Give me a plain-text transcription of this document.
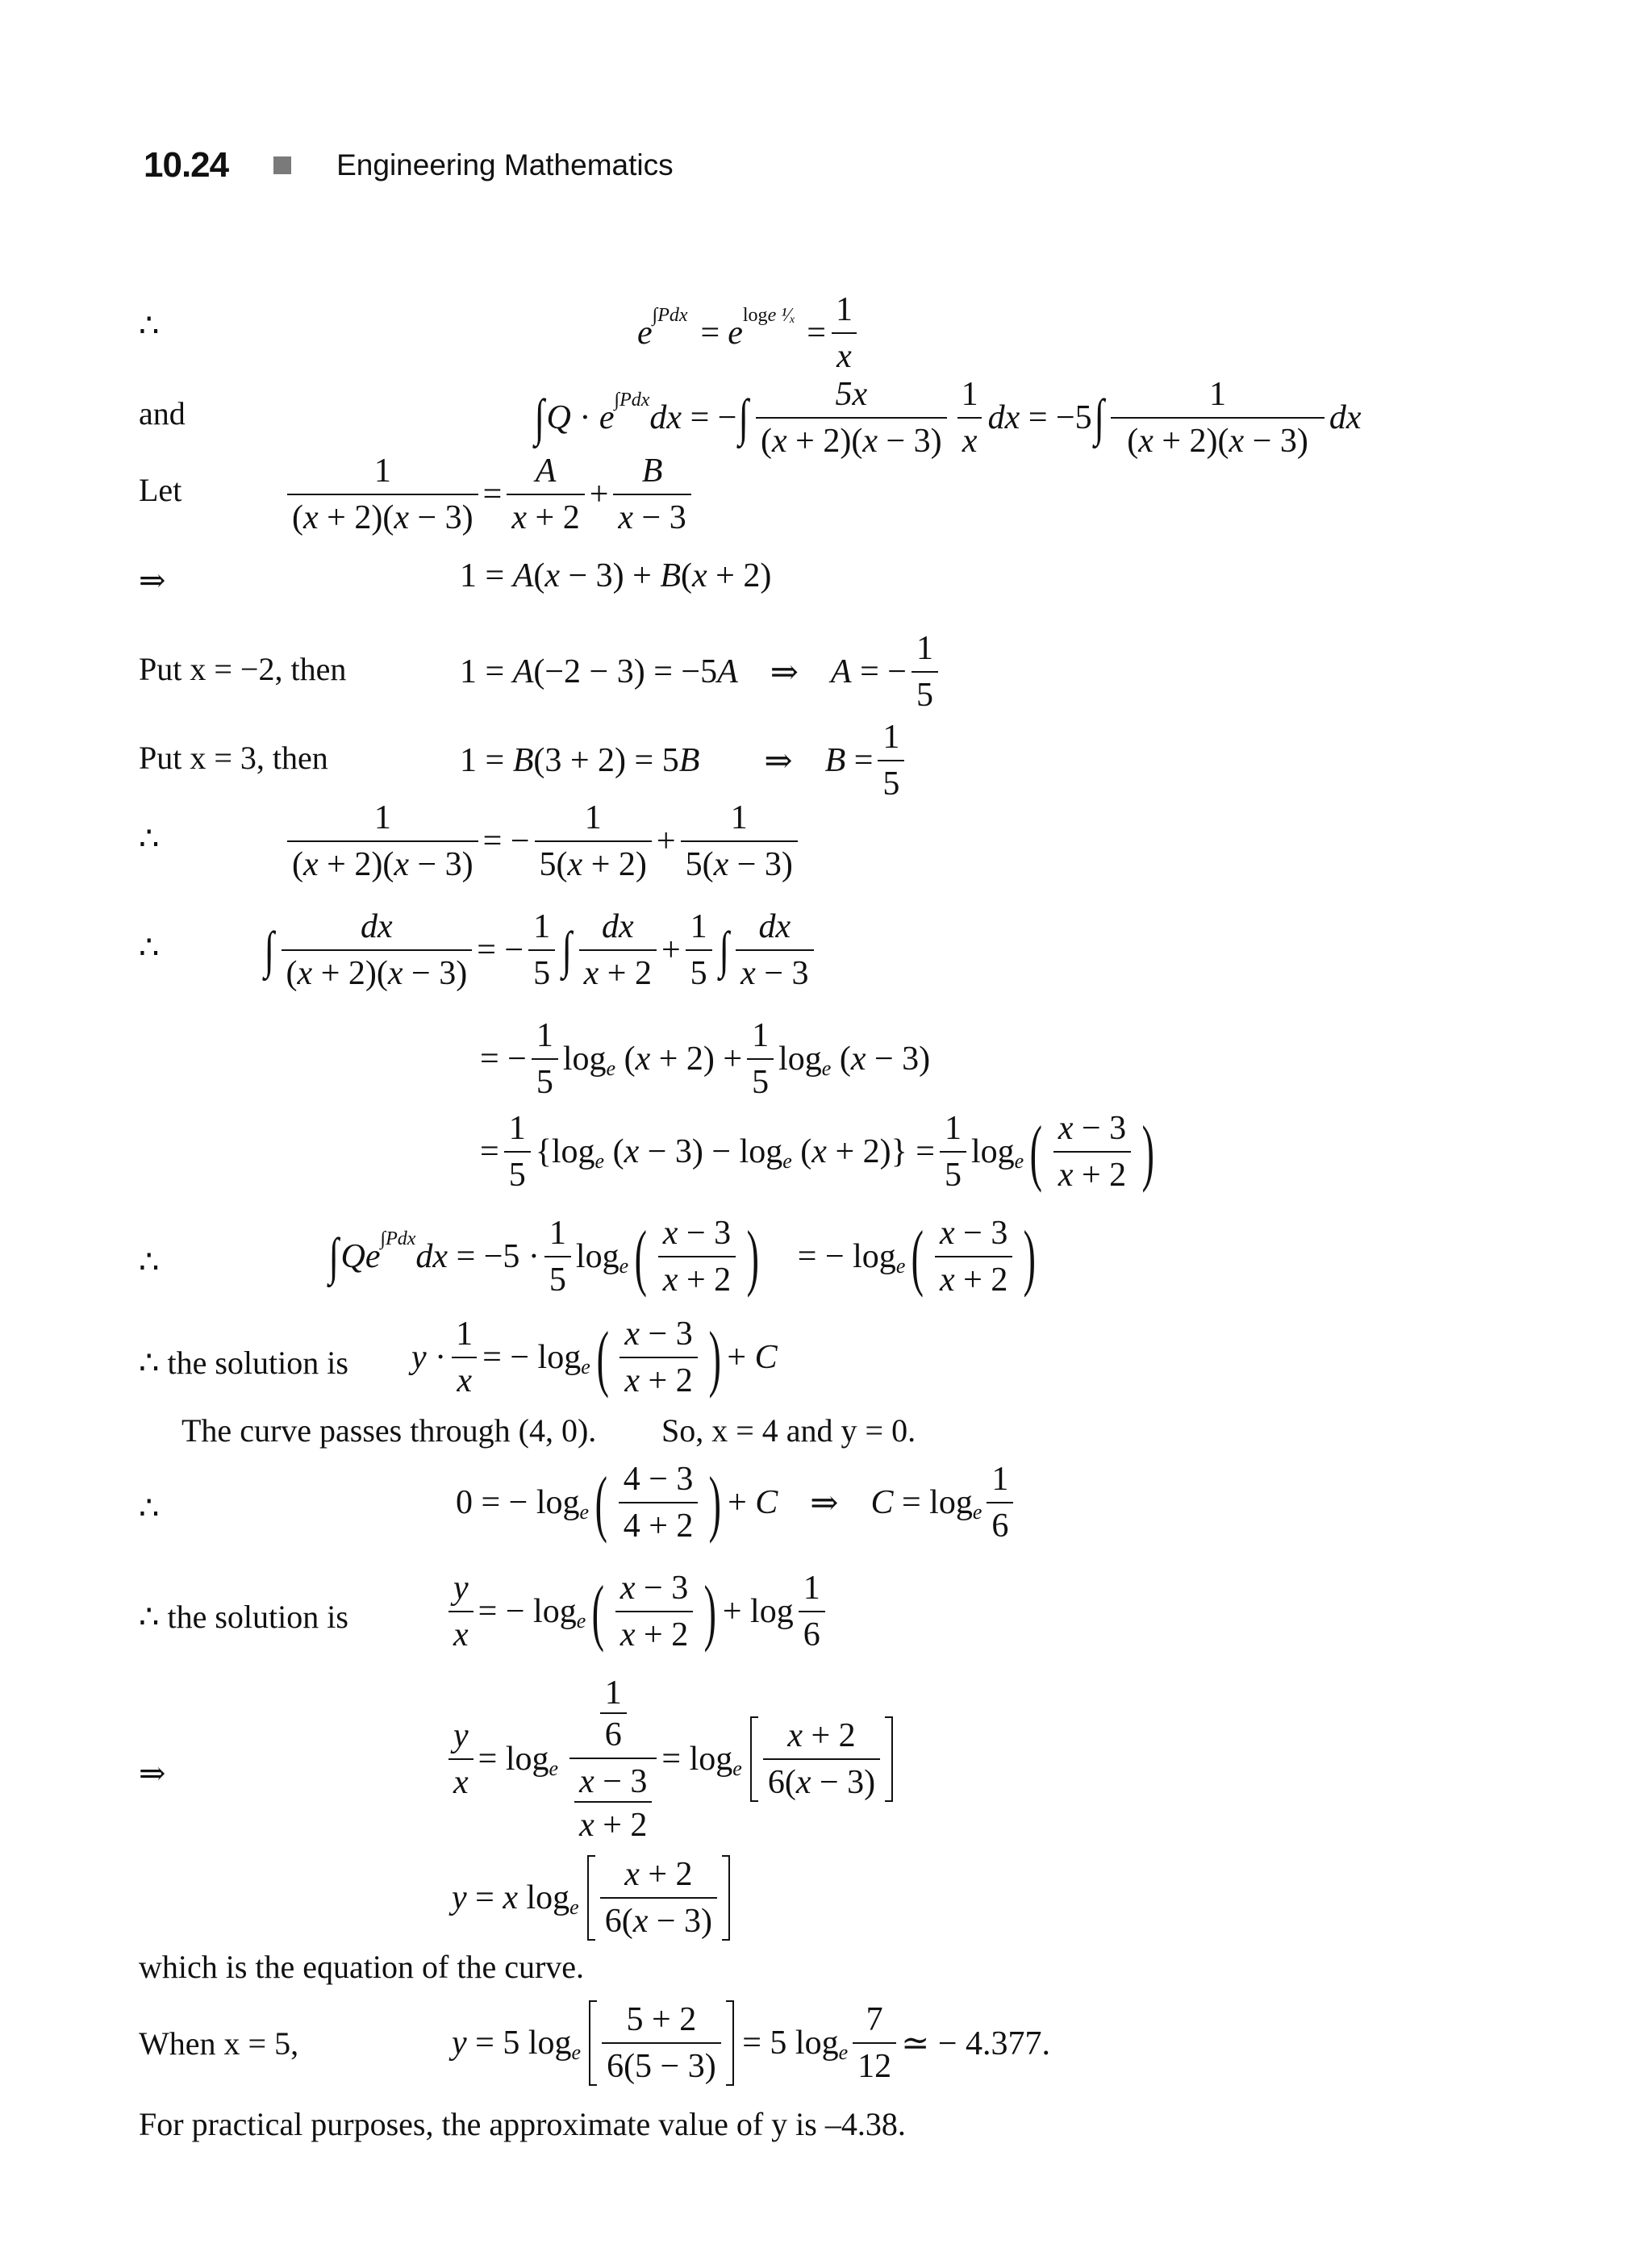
10.24	Engineering Mathematics
∴	e ∫Pdx = e loge ¹⁄ₓ = $\frac{1}{x}$
and	∫ Q · e ∫Pdx dx = − ∫ $\frac{5x}{(x + 2)(x - 3)} \frac{1}{x}$ dx = −5 ∫ $\frac{1}{(x + 2)(x - 3)}$ dx
Let	$\frac{1}{(x + 2)(x - 3)} = \frac{A}{x + 2} + \frac{B}{x - 3}$
⇒	1 = A(x − 3) + B(x + 2)
Put x = −2, then	1 = A(−2 − 3) = −5A ⇒ A = − $\frac{1}{5}$
Put x = 3, then	1 = B(3 + 2) = 5B ⇒ $B = \frac{1}{5}$
∴	$\frac{1}{(x + 2)(x - 3)}$ = − $\frac{1}{5(x + 2)} + \frac{1}{5(x - 3)}$
∴ ∫ $\frac{dx}{(x + 2)(x - 3)}$ = − $\frac{1}{5}$ ∫ $\frac{dx}{x + 2} + \frac{1}{5}$ ∫ $\frac{dx}{x - 3}$
= − $\frac{1}{5}$ log e $(x + 2) + \frac{1}{5}$ log e (x − 3)
= $\frac{1}{5} \{\log$ e (x − 3) − log e $(x + 2)\} = \frac{1}{5}$ log e ( $\frac{x - 3}{x + 2}$ )
∴	∫ Qe ∫Pdx dx = $-5 \cdot \frac{1}{5}$ log e ( $\frac{x - 3}{x + 2}$ ) = − log e ( $\frac{x - 3}{x + 2}$ )
∴ the solution is $y \cdot \frac{1}{x}$ = − log e ( $\frac{x - 3}{x + 2}$ ) + C
The curve passes through (4, 0). So, x = 4 and y = 0.
∴	0 = − log e ( $\frac{4 - 3}{4 + 2}$ ) + C ⇒ C = log e $\frac{1}{6}$
∴ the solution is	$\frac{y}{x}$ = − log e ( $\frac{x - 3}{x + 2}$ ) + $\log \frac{1}{6}$
⇒	$\frac{y}{x} = \log e$ 1
6
x − 3
x + 2 = log e $\frac{x + 2}{6(x - 3)}$
y = x log e $\frac{x + 2}{6(x - 3)}$
which is the equation of the curve.
When x = 5,	y = 5 log e $\frac{5 + 2}{6(5 - 3)} = 5$ log e $\frac{7}{12}$ ≃ − 4.377.
For practical purposes, the approximate value of y is –4.38.
